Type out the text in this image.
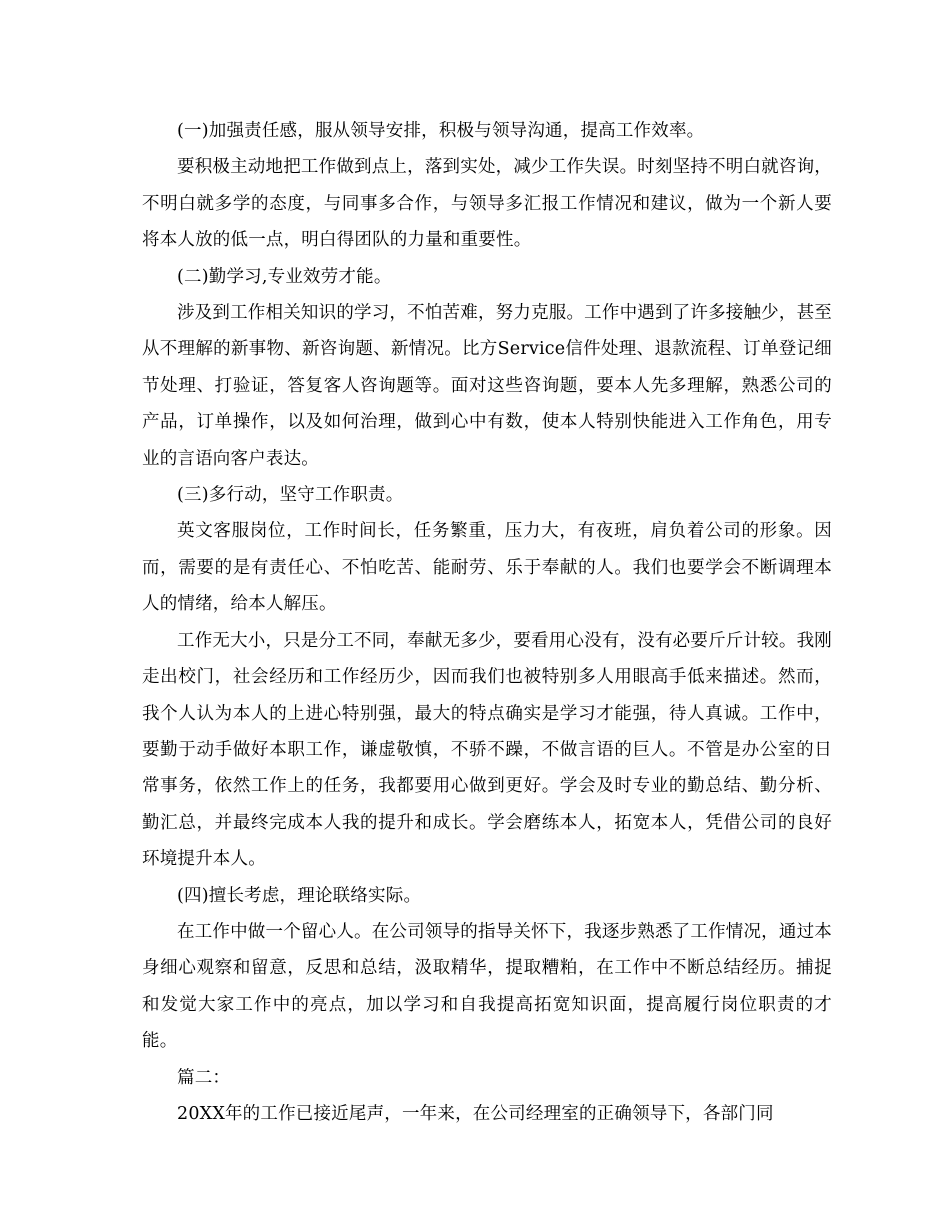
(一)加强责任感，服从领导安排，积极与领导沟通，提高工作效率。

要积极主动地把工作做到点上，落到实处，减少工作失误。时刻坚持不明白就咨询，不明白就多学的态度，与同事多合作，与领导多汇报工作情况和建议，做为一个新人要将本人放的低一点，明白得团队的力量和重要性。

(二)勤学习,专业效劳才能。

涉及到工作相关知识的学习，不怕苦难，努力克服。工作中遇到了许多接触少，甚至从不理解的新事物、新咨询题、新情况。比方Service信件处理、退款流程、订单登记细节处理、打验证，答复客人咨询题等。面对这些咨询题，要本人先多理解，熟悉公司的产品，订单操作，以及如何治理，做到心中有数，使本人特别快能进入工作角色，用专业的言语向客户表达。

(三)多行动，坚守工作职责。

英文客服岗位，工作时间长，任务繁重，压力大，有夜班，肩负着公司的形象。因而，需要的是有责任心、不怕吃苦、能耐劳、乐于奉献的人。我们也要学会不断调理本人的情绪，给本人解压。

工作无大小，只是分工不同，奉献无多少，要看用心没有，没有必要斤斤计较。我刚走出校门，社会经历和工作经历少，因而我们也被特别多人用眼高手低来描述。然而，我个人认为本人的上进心特别强，最大的特点确实是学习才能强，待人真诚。工作中，要勤于动手做好本职工作，谦虚敬慎，不骄不躁，不做言语的巨人。不管是办公室的日常事务，依然工作上的任务，我都要用心做到更好。学会及时专业的勤总结、勤分析、勤汇总，并最终完成本人我的提升和成长。学会磨练本人，拓宽本人，凭借公司的良好环境提升本人。

(四)擅长考虑，理论联络实际。

在工作中做一个留心人。在公司领导的指导关怀下，我逐步熟悉了工作情况，通过本身细心观察和留意，反思和总结，汲取精华，提取糟粕，在工作中不断总结经历。捕捉和发觉大家工作中的亮点，加以学习和自我提高拓宽知识面，提高履行岗位职责的才能。

篇二：

20XX年的工作已接近尾声，一年来，在公司经理室的正确领导下，各部门同
